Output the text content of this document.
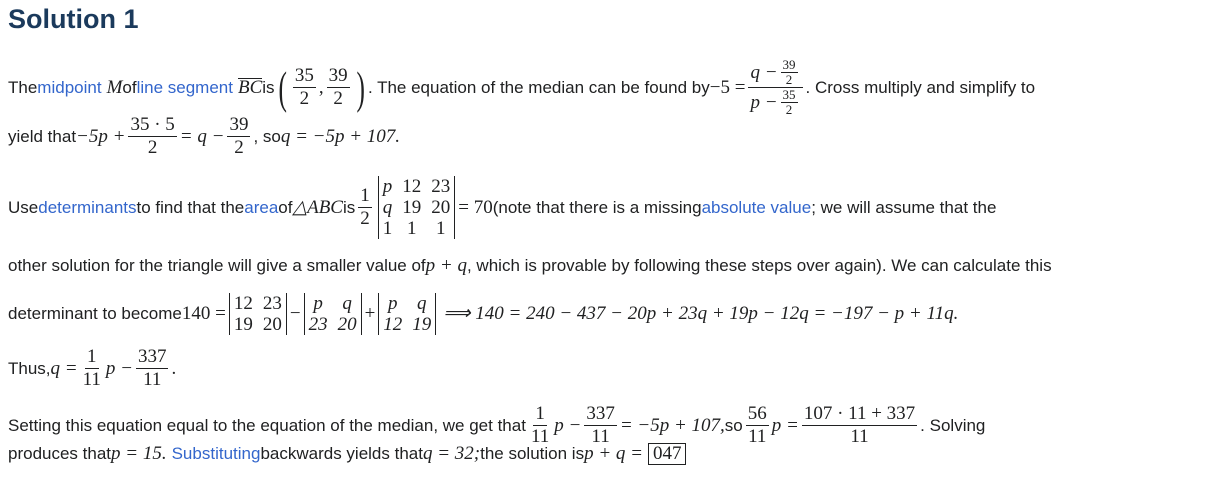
Solution 1
The midpoint M of line segment BC is ( $\frac{35}{2}$ , $\frac{39}{2}$ ) . The equation of the median can be found by $-5 = \frac{q - \frac{39}{2}}{p - \frac{35}{2}}$ . Cross multiply and simplify to
yield that $-5p + \frac{35 \cdot 5}{2} = q - \frac{39}{2}$ , so q = −5p + 107.
Use determinants to find that the area of △ABC is $\frac{1}{2}$ p 12 23
q 19 20
1 1 1
= 70 (note that there is a missing absolute value ; we will assume that the
other solution for the triangle will give a smaller value of p + q , which is provable by following these steps over again). We can calculate this
determinant to become 140 = 12 23
19 20
− p q
23 20
+ p q
12 19
⟹ 140 = 240 − 437 − 20p + 23q + 19p − 12q = −197 − p + 11q.
Thus, $q = \frac{1}{11}$ $p - \frac{337}{11}$ .
Setting this equation equal to the equation of the median, we get that $\frac{1}{11}$ $p - \frac{337}{11} = -5p + 107$, so $\frac{56}{11}$ $p = \frac{107 \cdot 11 + 337}{11}$ . Solving
produces that p = 15. Substituting backwards yields that q = 32; the solution is p + q = 047
